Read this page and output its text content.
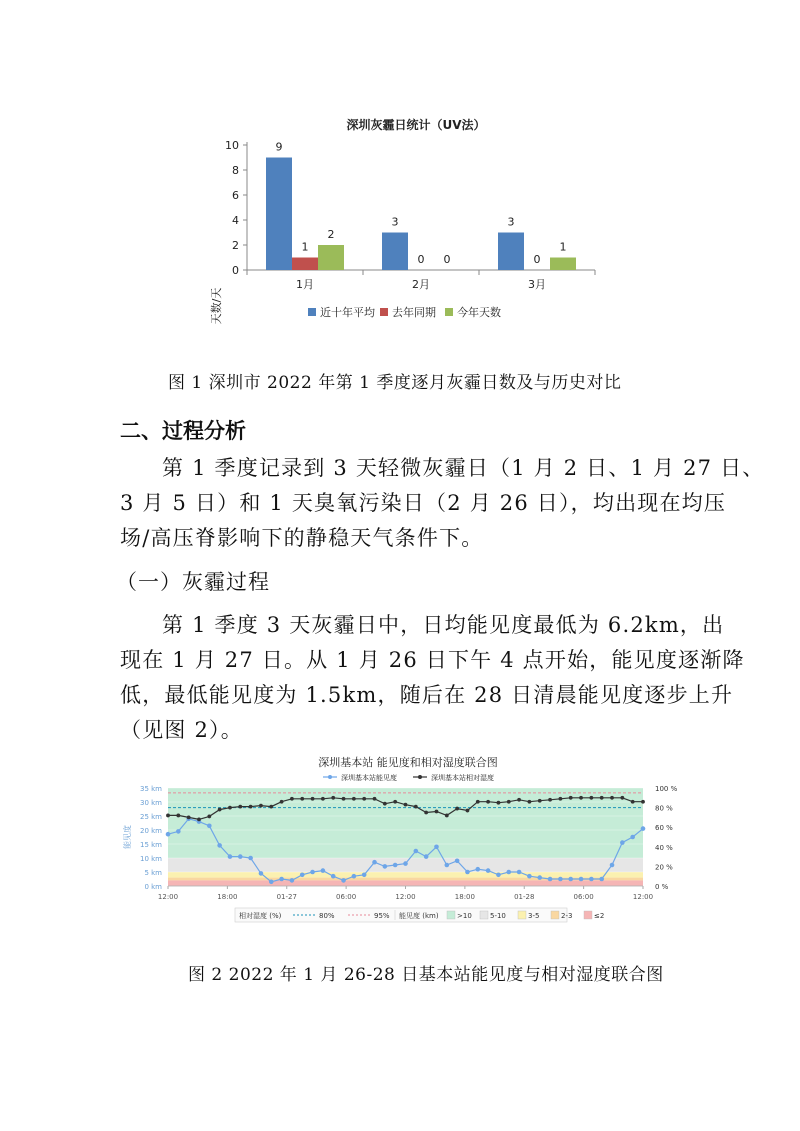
深圳灰霾日统计（UV法）
天数/天
0
2
4
6
8
10
1月	2月	3月
9
1
2
3
0 0
3
0
1
近十年平均 去年同期 今年天数
图 1 深圳市 2022 年第 1 季度逐月灰霾日数及与历史对比
二、过程分析
第 1 季度记录到 3 天轻微灰霾日（1 月 2 日、1 月 27 日、
3 月 5 日）和 1 天臭氧污染日（2 月 26 日），均出现在均压
场/高压脊影响下的静稳天气条件下。
（一）灰霾过程
第 1 季度 3 天灰霾日中，日均能见度最低为 6.2km，出
现在 1 月 27 日。从 1 月 26 日下午 4 点开始，能见度逐渐降
低，最低能见度为 1.5km，随后在 28 日清晨能见度逐步上升
（见图 2）。
深圳基本站 能见度和相对湿度联合图
0 km
5 km
10 km
15 km
20 km
25 km
30 km
35 km
0 %
20 %
40 %
60 %
80 %
100 %
能见度
12:00	18:00	01-27	06:00	12:00	18:00	01-28	06:00	12:00
深圳基本站能见度	深圳基本站相对湿度
相对湿度 (%)	80%	95% 能见度 (km)	>10	5-10	3-5	2-3	≤2
图 2 2022 年 1 月 26-28 日基本站能见度与相对湿度联合图
